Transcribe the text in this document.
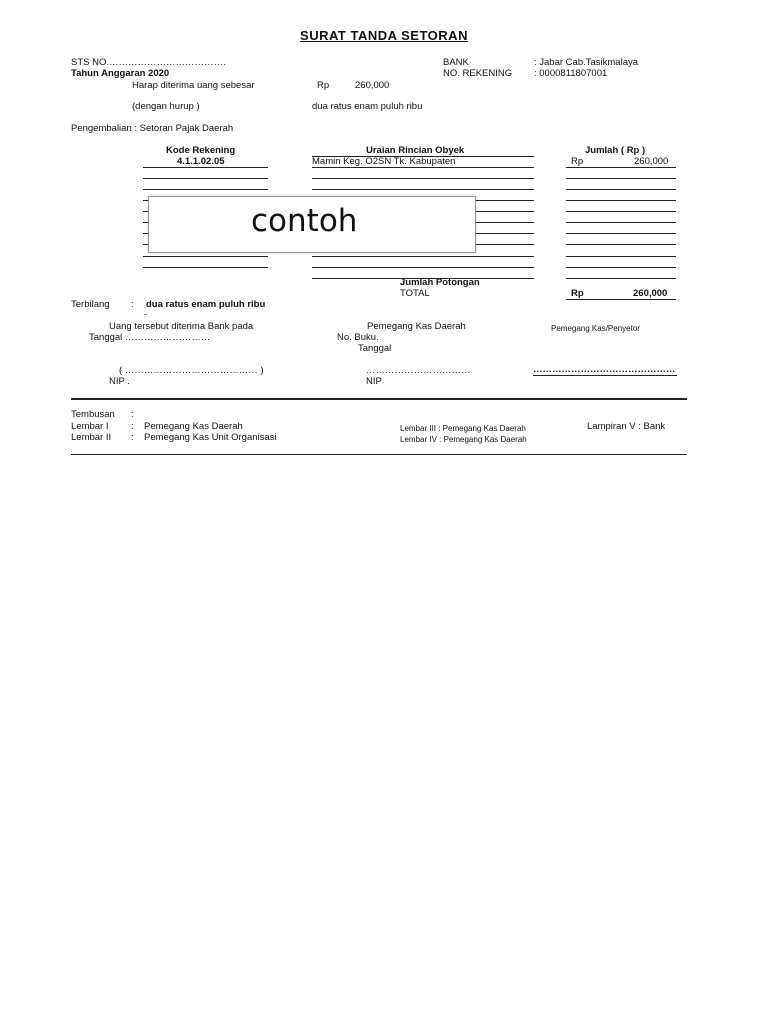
SURAT TANDA SETORAN
STS NO.……………………………….
Tahun Anggaran 2020
BANK	: Jabar Cab.Tasikmalaya
NO. REKENING : 0000811807001
Harap diterima uang sebesar	Rp	260,000
(dengan hurup )	dua ratus enam puluh ribu
Pengembalian : Setoran Pajak Daerah
Kode Rekening	Uraian Rincian Obyek	Jumlah ( Rp )
4.1.1.02.05	Mamin Keg. O2SN Tk. Kabupaten	Rp	260,000
contoh
Jumlah Potongan
TOTAL	Rp	260,000
Terbilang : dua ratus enam puluh ribu
-
Uang tersebut diterima Bank pada
Tanggal ………………………
Pemegang Kas Daerah
No. Buku.
Tanggal
Pemegang Kas/Penyetor
( …………………………………… )	……………………………	………………………………………
NIP .	NIP
Tembusan :
Lembar I : Pemegang Kas Daerah
Lembar II : Pemegang Kas Unit Organisasi
Lembar III : Pemegang Kas Daerah
Lembar IV : Pemegang Kas Daerah
Lampiran V : Bank
